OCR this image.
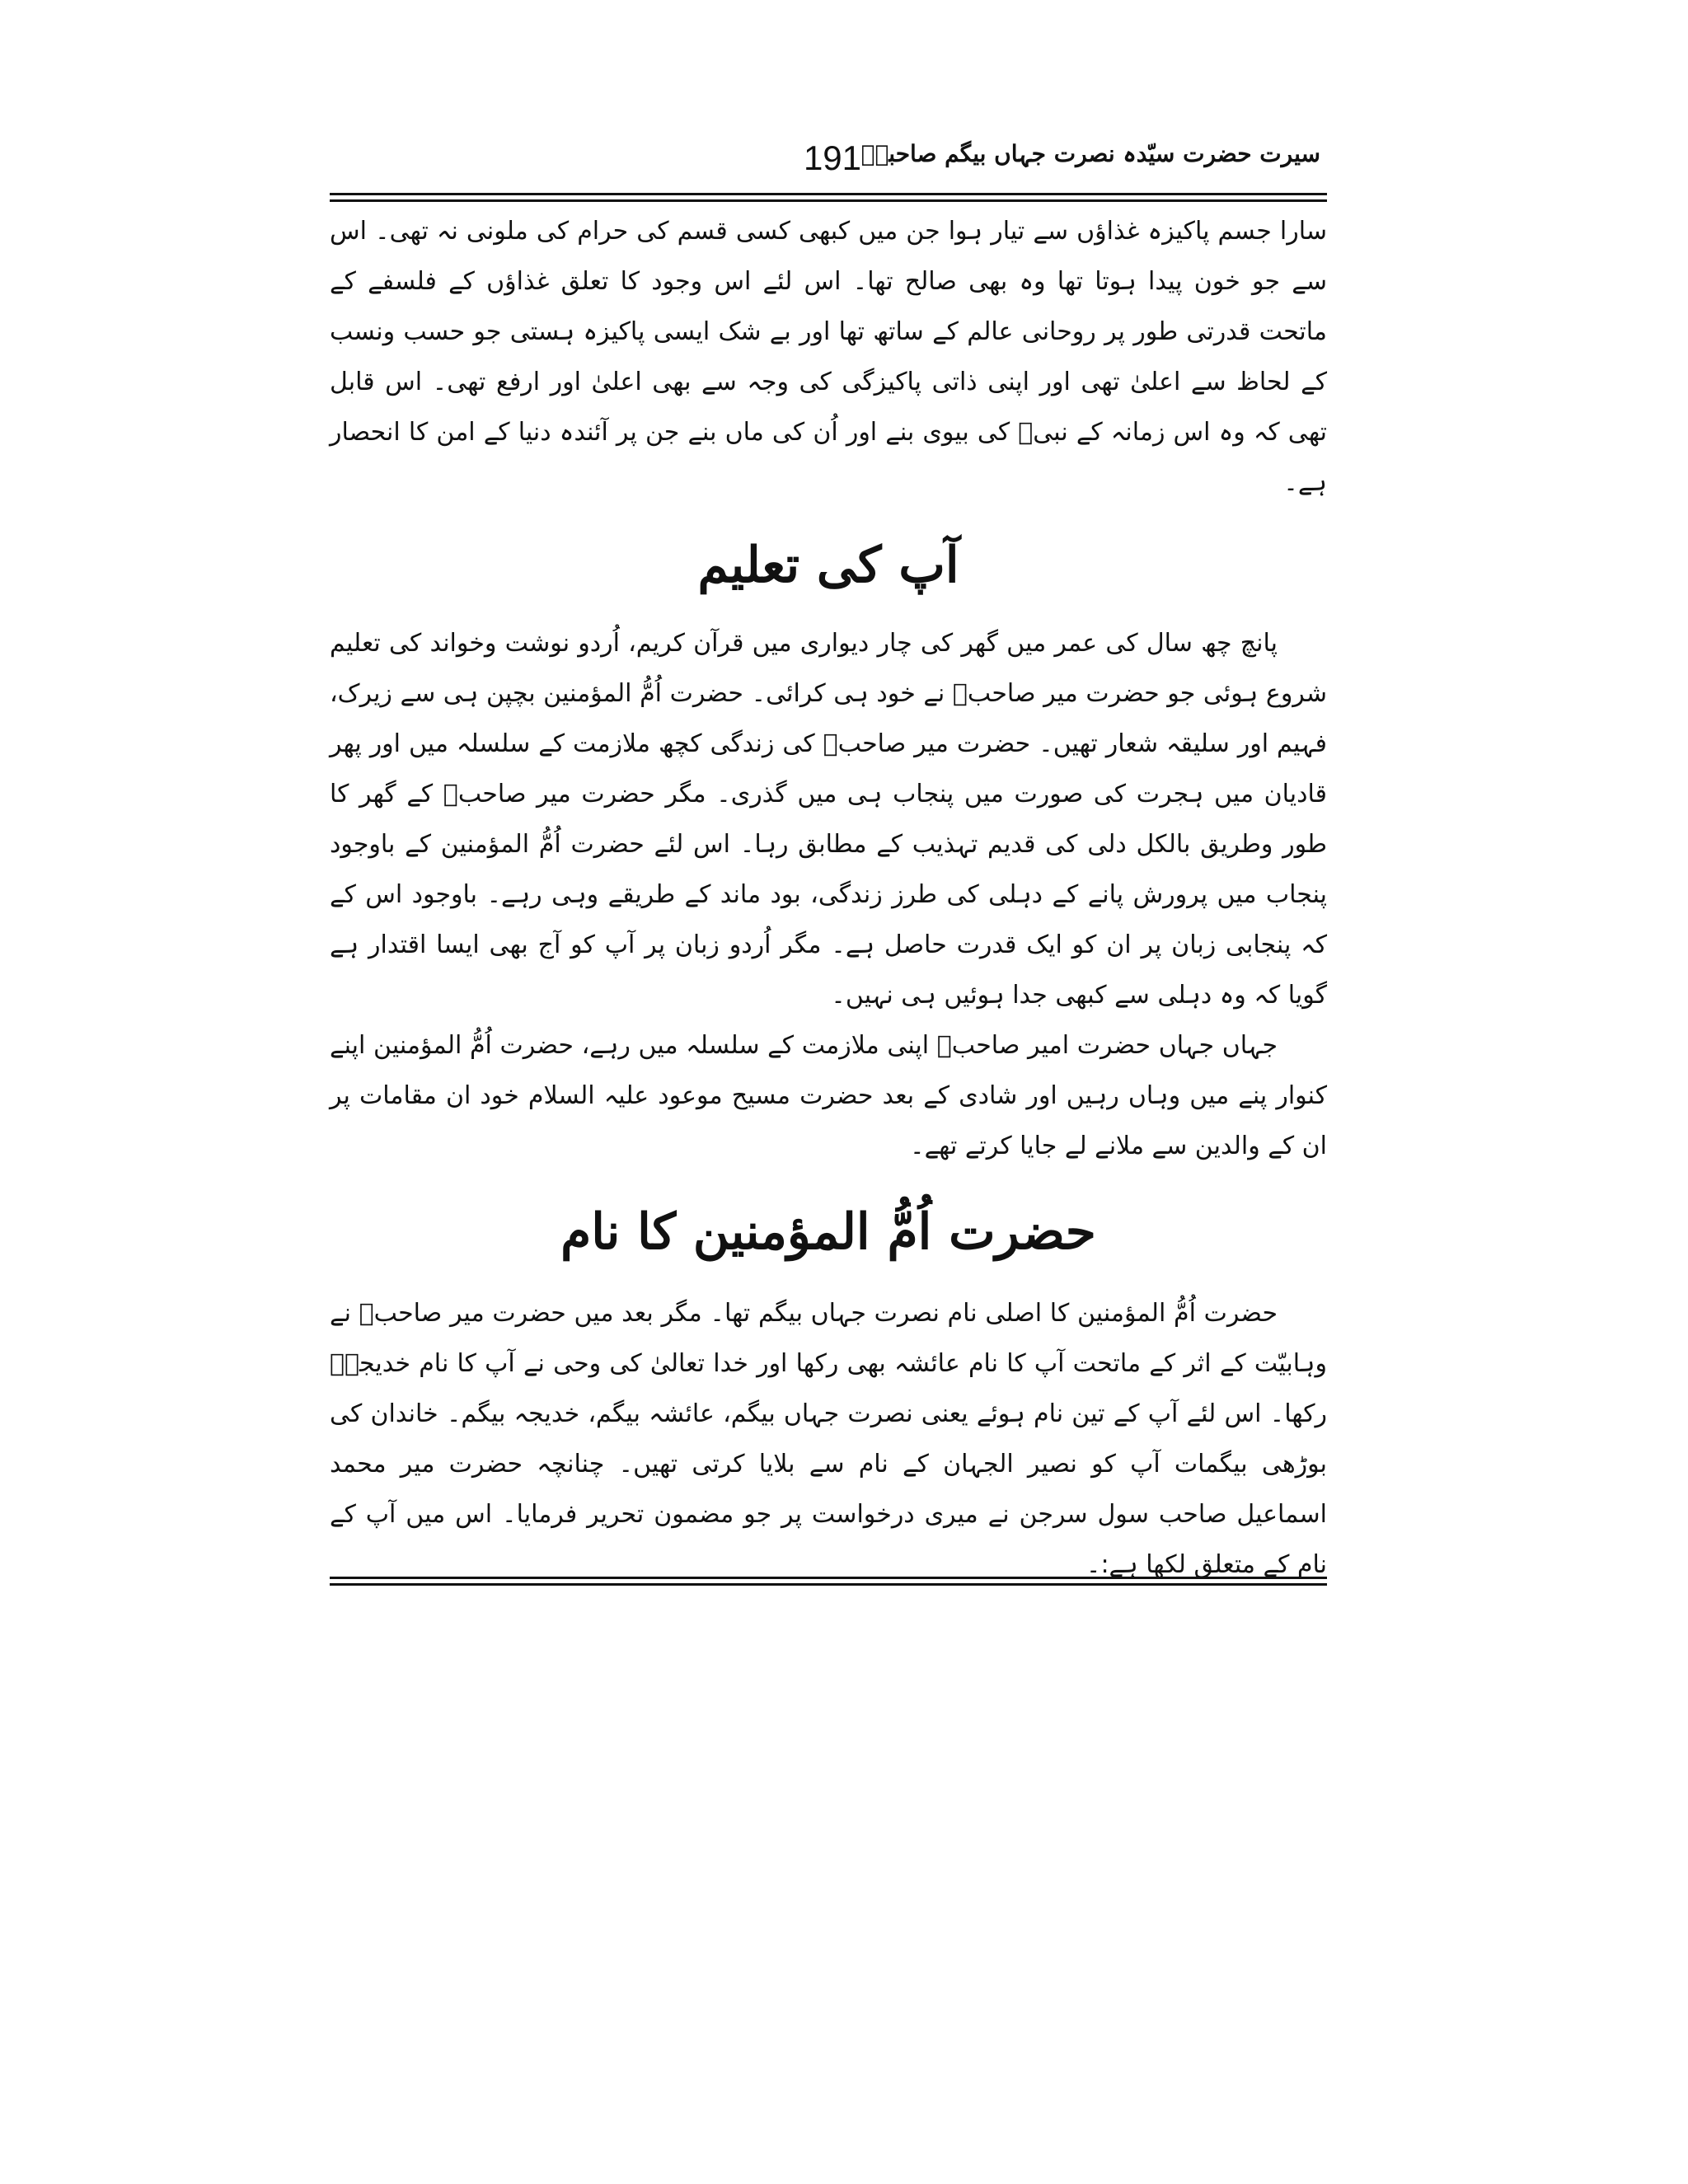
سیرت حضرت سیّدہ نصرت جہاں بیگم صاحبہؓ
191

سارا جسم پاکیزہ غذاؤں سے تیار ہوا جن میں کبھی کسی قسم کی حرام کی ملونی نہ تھی۔ اس سے جو خون پیدا ہوتا تھا وہ بھی صالح تھا۔ اس لئے اس وجود کا تعلق غذاؤں کے فلسفے کے ماتحت قدرتی طور پر روحانی عالم کے ساتھ تھا اور بے شک ایسی پاکیزہ ہستی جو حسب ونسب کے لحاظ سے اعلیٰ تھی اور اپنی ذاتی پاکیزگی کی وجہ سے بھی اعلیٰ اور ارفع تھی۔ اس قابل تھی کہ وہ اس زمانہ کے نبیؑ کی بیوی بنے اور اُن کی ماں بنے جن پر آئندہ دنیا کے امن کا انحصار ہے۔

آپ کی تعلیم

پانچ چھ سال کی عمر میں گھر کی چار دیواری میں قرآن کریم، اُردو نوشت وخواند کی تعلیم شروع ہوئی جو حضرت میر صاحبؓ نے خود ہی کرائی۔ حضرت اُمُّ المؤمنین بچپن ہی سے زیرک، فہیم اور سلیقہ شعار تھیں۔ حضرت میر صاحبؓ کی زندگی کچھ ملازمت کے سلسلہ میں اور پھر قادیان میں ہجرت کی صورت میں پنجاب ہی میں گذری۔ مگر حضرت میر صاحبؓ کے گھر کا طور وطریق بالکل دلی کی قدیم تہذیب کے مطابق رہا۔ اس لئے حضرت اُمُّ المؤمنین کے باوجود پنجاب میں پرورش پانے کے دہلی کی طرز زندگی، بود ماند کے طریقے وہی رہے۔ باوجود اس کے کہ پنجابی زبان پر ان کو ایک قدرت حاصل ہے۔ مگر اُردو زبان پر آپ کو آج بھی ایسا اقتدار ہے گویا کہ وہ دہلی سے کبھی جدا ہوئیں ہی نہیں۔

جہاں جہاں حضرت امیر صاحبؓ اپنی ملازمت کے سلسلہ میں رہے، حضرت اُمُّ المؤمنین اپنے کنوار پنے میں وہاں رہیں اور شادی کے بعد حضرت مسیح موعود علیہ السلام خود ان مقامات پر ان کے والدین سے ملانے لے جایا کرتے تھے۔

حضرت اُمُّ المؤمنین کا نام

حضرت اُمُّ المؤمنین کا اصلی نام نصرت جہاں بیگم تھا۔ مگر بعد میں حضرت میر صاحبؓ نے وہابیّت کے اثر کے ماتحت آپ کا نام عائشہ بھی رکھا اور خدا تعالیٰ کی وحی نے آپ کا نام خدیجہؓ رکھا۔ اس لئے آپ کے تین نام ہوئے یعنی نصرت جہاں بیگم، عائشہ بیگم، خدیجہ بیگم۔ خاندان کی بوڑھی بیگمات آپ کو نصیر الجہان کے نام سے بلایا کرتی تھیں۔ چنانچہ حضرت میر محمد اسماعیل صاحب سول سرجن نے میری درخواست پر جو مضمون تحریر فرمایا۔ اس میں آپ کے نام کے متعلق لکھا ہے:۔
